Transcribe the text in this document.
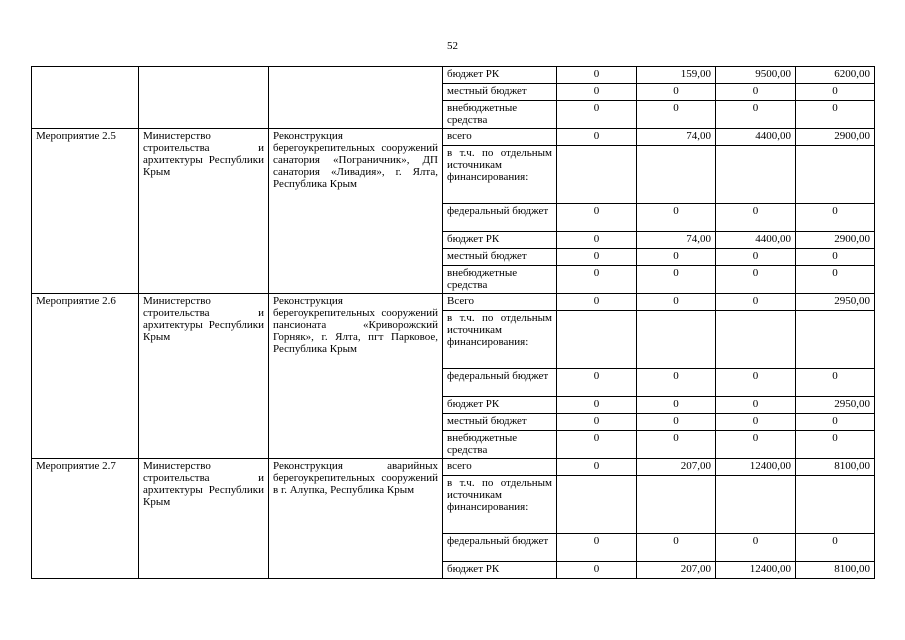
52
			бюджет РК	0	159,00	9500,00	6200,00
			местный бюджет	0	0	0	0
			внебюджетные средства	0	0	0	0
Мероприятие 2.5	Министерство строительства и архитектуры Республики Крым	Реконструкция берегоукрепительных сооружений санатория «Пограничник», ДП санатория «Ливадия», г. Ялта, Республика Крым	всего	0	74,00	4400,00	2900,00
			в т.ч. по отдельным источникам финансирования:				
			федеральный бюджет	0	0	0	0
			бюджет РК	0	74,00	4400,00	2900,00
			местный бюджет	0	0	0	0
			внебюджетные средства	0	0	0	0
Мероприятие 2.6	Министерство строительства и архитектуры Республики Крым	Реконструкция берегоукрепительных сооружений пансионата «Криворожский Горняк», г. Ялта, пгт Парковое, Республика Крым	Всего	0	0	0	2950,00
			в т.ч. по отдельным источникам финансирования:				
			федеральный бюджет	0	0	0	0
			бюджет РК	0	0	0	2950,00
			местный бюджет	0	0	0	0
			внебюджетные средства	0	0	0	0
Мероприятие 2.7	Министерство строительства и архитектуры Республики Крым	Реконструкция аварийных берегоукрепительных сооружений в г. Алупка, Республика Крым	всего	0	207,00	12400,00	8100,00
			в т.ч. по отдельным источникам финансирования:				
			федеральный бюджет	0	0	0	0
			бюджет РК	0	207,00	12400,00	8100,00
